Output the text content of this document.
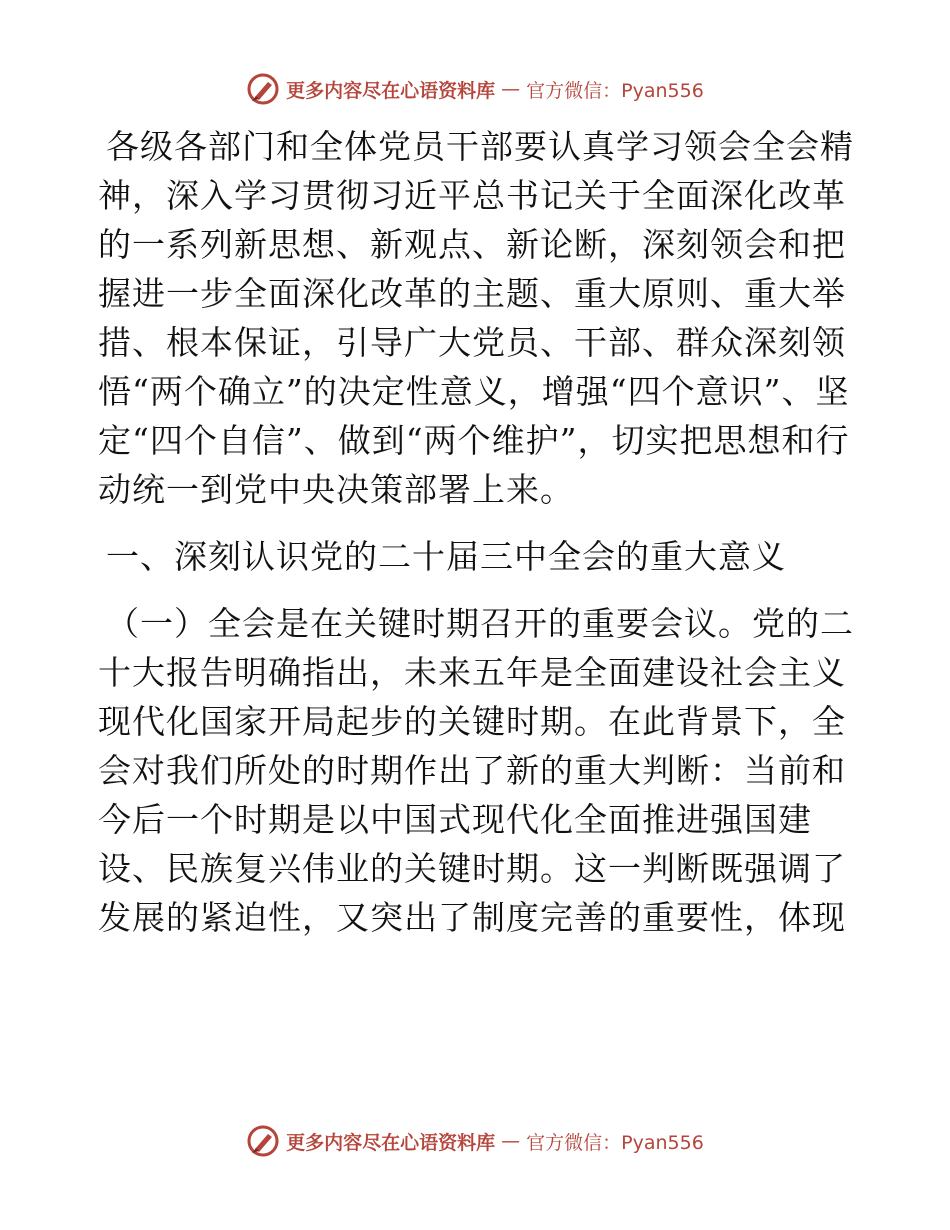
更多内容尽在心语资料库 — 官方微信：Pyan556

各级各部门和全体党员干部要认真学习领会全会精神，深入学习贯彻习近平总书记关于全面深化改革的一系列新思想、新观点、新论断，深刻领会和把握进一步全面深化改革的主题、重大原则、重大举措、根本保证，引导广大党员、干部、群众深刻领悟“两个确立”的决定性意义，增强“四个意识”、坚定“四个自信”、做到“两个维护”，切实把思想和行动统一到党中央决策部署上来。

一、深刻认识党的二十届三中全会的重大意义

（一）全会是在关键时期召开的重要会议。党的二十大报告明确指出，未来五年是全面建设社会主义现代化国家开局起步的关键时期。在此背景下，全会对我们所处的时期作出了新的重大判断：当前和今后一个时期是以中国式现代化全面推进强国建设、民族复兴伟业的关键时期。这一判断既强调了发展的紧迫性，又突出了制度完善的重要性，体现

更多内容尽在心语资料库 — 官方微信：Pyan556
